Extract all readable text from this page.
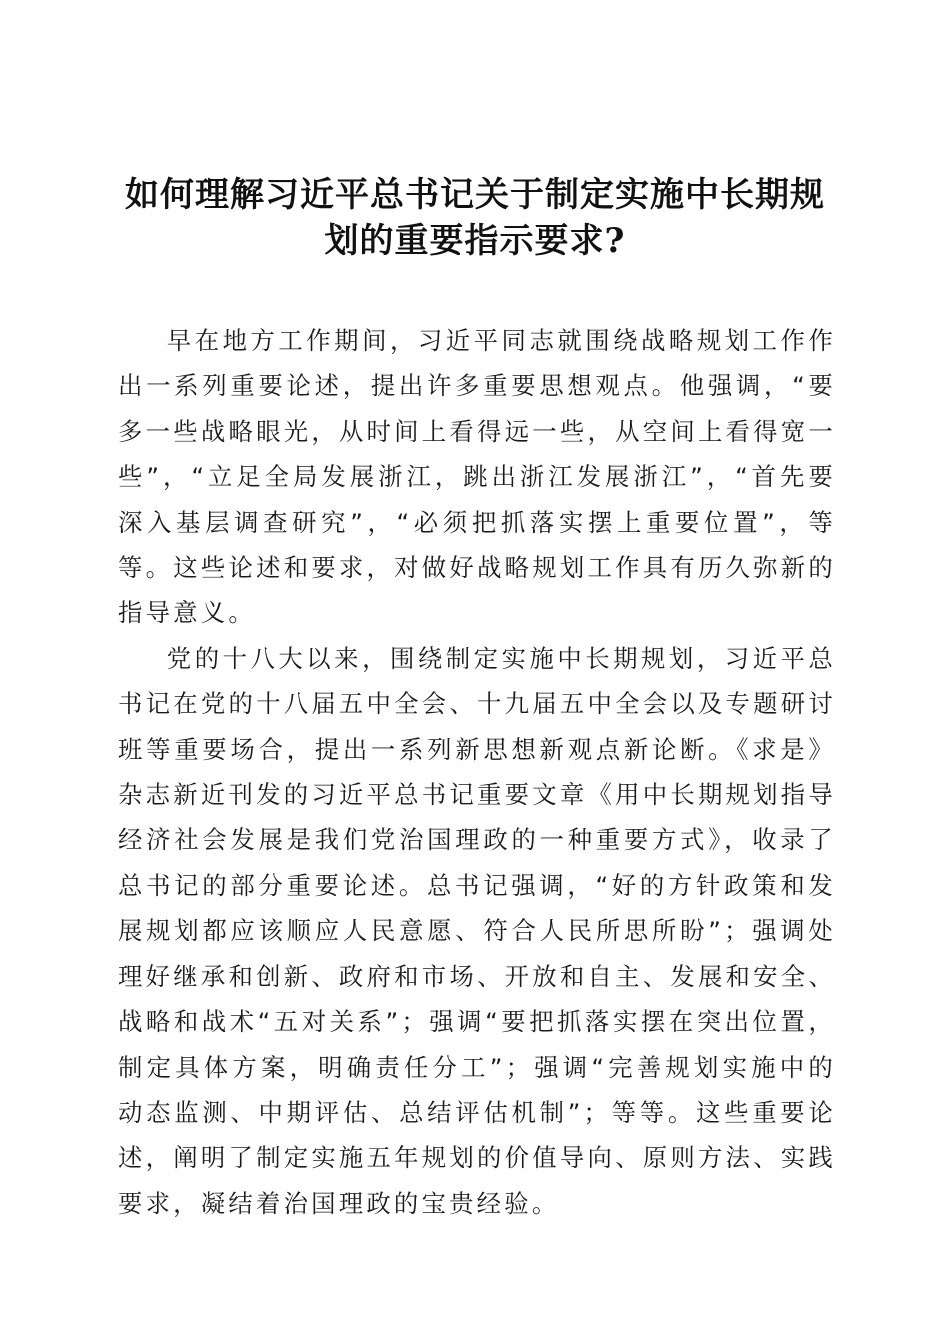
如何理解习近平总书记关于制定实施中长期规
划的重要指示要求?

早在地方工作期间，习近平同志就围绕战略规划工作作出一系列重要论述，提出许多重要思想观点。他强调，“要多一些战略眼光，从时间上看得远一些，从空间上看得宽一些”，“立足全局发展浙江，跳出浙江发展浙江”，“首先要深入基层调查研究”，“必须把抓落实摆上重要位置”，等等。这些论述和要求，对做好战略规划工作具有历久弥新的指导意义。

党的十八大以来，围绕制定实施中长期规划，习近平总书记在党的十八届五中全会、十九届五中全会以及专题研讨班等重要场合，提出一系列新思想新观点新论断。《求是》杂志新近刊发的习近平总书记重要文章《用中长期规划指导经济社会发展是我们党治国理政的一种重要方式》，收录了总书记的部分重要论述。总书记强调，“好的方针政策和发展规划都应该顺应人民意愿、符合人民所思所盼”；强调处理好继承和创新、政府和市场、开放和自主、发展和安全、战略和战术“五对关系”；强调“要把抓落实摆在突出位置，制定具体方案，明确责任分工”；强调“完善规划实施中的动态监测、中期评估、总结评估机制”；等等。这些重要论述，阐明了制定实施五年规划的价值导向、原则方法、实践要求，凝结着治国理政的宝贵经验。
